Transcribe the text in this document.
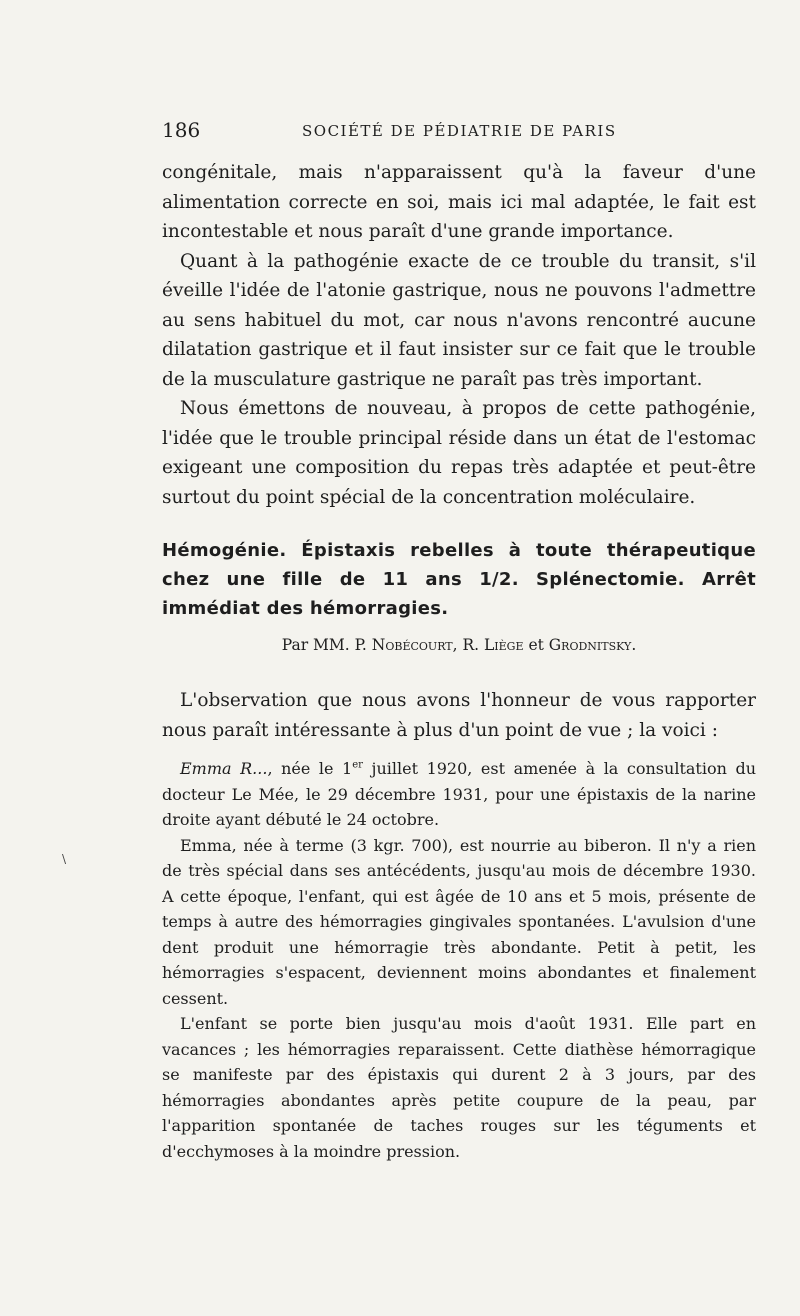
186	SOCIÉTÉ DE PÉDIATRIE DE PARIS

congénitale, mais n'apparaissent qu'à la faveur d'une alimentation correcte en soi, mais ici mal adaptée, le fait est incontestable et nous paraît d'une grande importance.

Quant à la pathogénie exacte de ce trouble du transit, s'il éveille l'idée de l'atonie gastrique, nous ne pouvons l'admettre au sens habituel du mot, car nous n'avons rencontré aucune dilatation gastrique et il faut insister sur ce fait que le trouble de la musculature gastrique ne paraît pas très important.

Nous émettons de nouveau, à propos de cette pathogénie, l'idée que le trouble principal réside dans un état de l'estomac exigeant une composition du repas très adaptée et peut-être surtout du point spécial de la concentration moléculaire.

Hémogénie. Épistaxis rebelles à toute thérapeutique chez une fille de 11 ans 1/2. Splénectomie. Arrêt immédiat des hémorragies.
Par MM. P. Nobécourt, R. Liège et Grodnitsky.

L'observation que nous avons l'honneur de vous rapporter nous paraît intéressante à plus d'un point de vue ; la voici :

Emma R..., née le 1er juillet 1920, est amenée à la consultation du docteur Le Mée, le 29 décembre 1931, pour une épistaxis de la narine droite ayant débuté le 24 octobre.

Emma, née à terme (3 kgr. 700), est nourrie au biberon. Il n'y a rien de très spécial dans ses antécédents, jusqu'au mois de décembre 1930. A cette époque, l'enfant, qui est âgée de 10 ans et 5 mois, présente de temps à autre des hémorragies gingivales spontanées. L'avulsion d'une dent produit une hémorragie très abondante. Petit à petit, les hémorragies s'espacent, deviennent moins abondantes et finalement cessent.

L'enfant se porte bien jusqu'au mois d'août 1931. Elle part en vacances ; les hémorragies reparaissent. Cette diathèse hémorragique se manifeste par des épistaxis qui durent 2 à 3 jours, par des hémorragies abondantes après petite coupure de la peau, par l'apparition spontanée de taches rouges sur les téguments et d'ecchymoses à la moindre pression.

\
